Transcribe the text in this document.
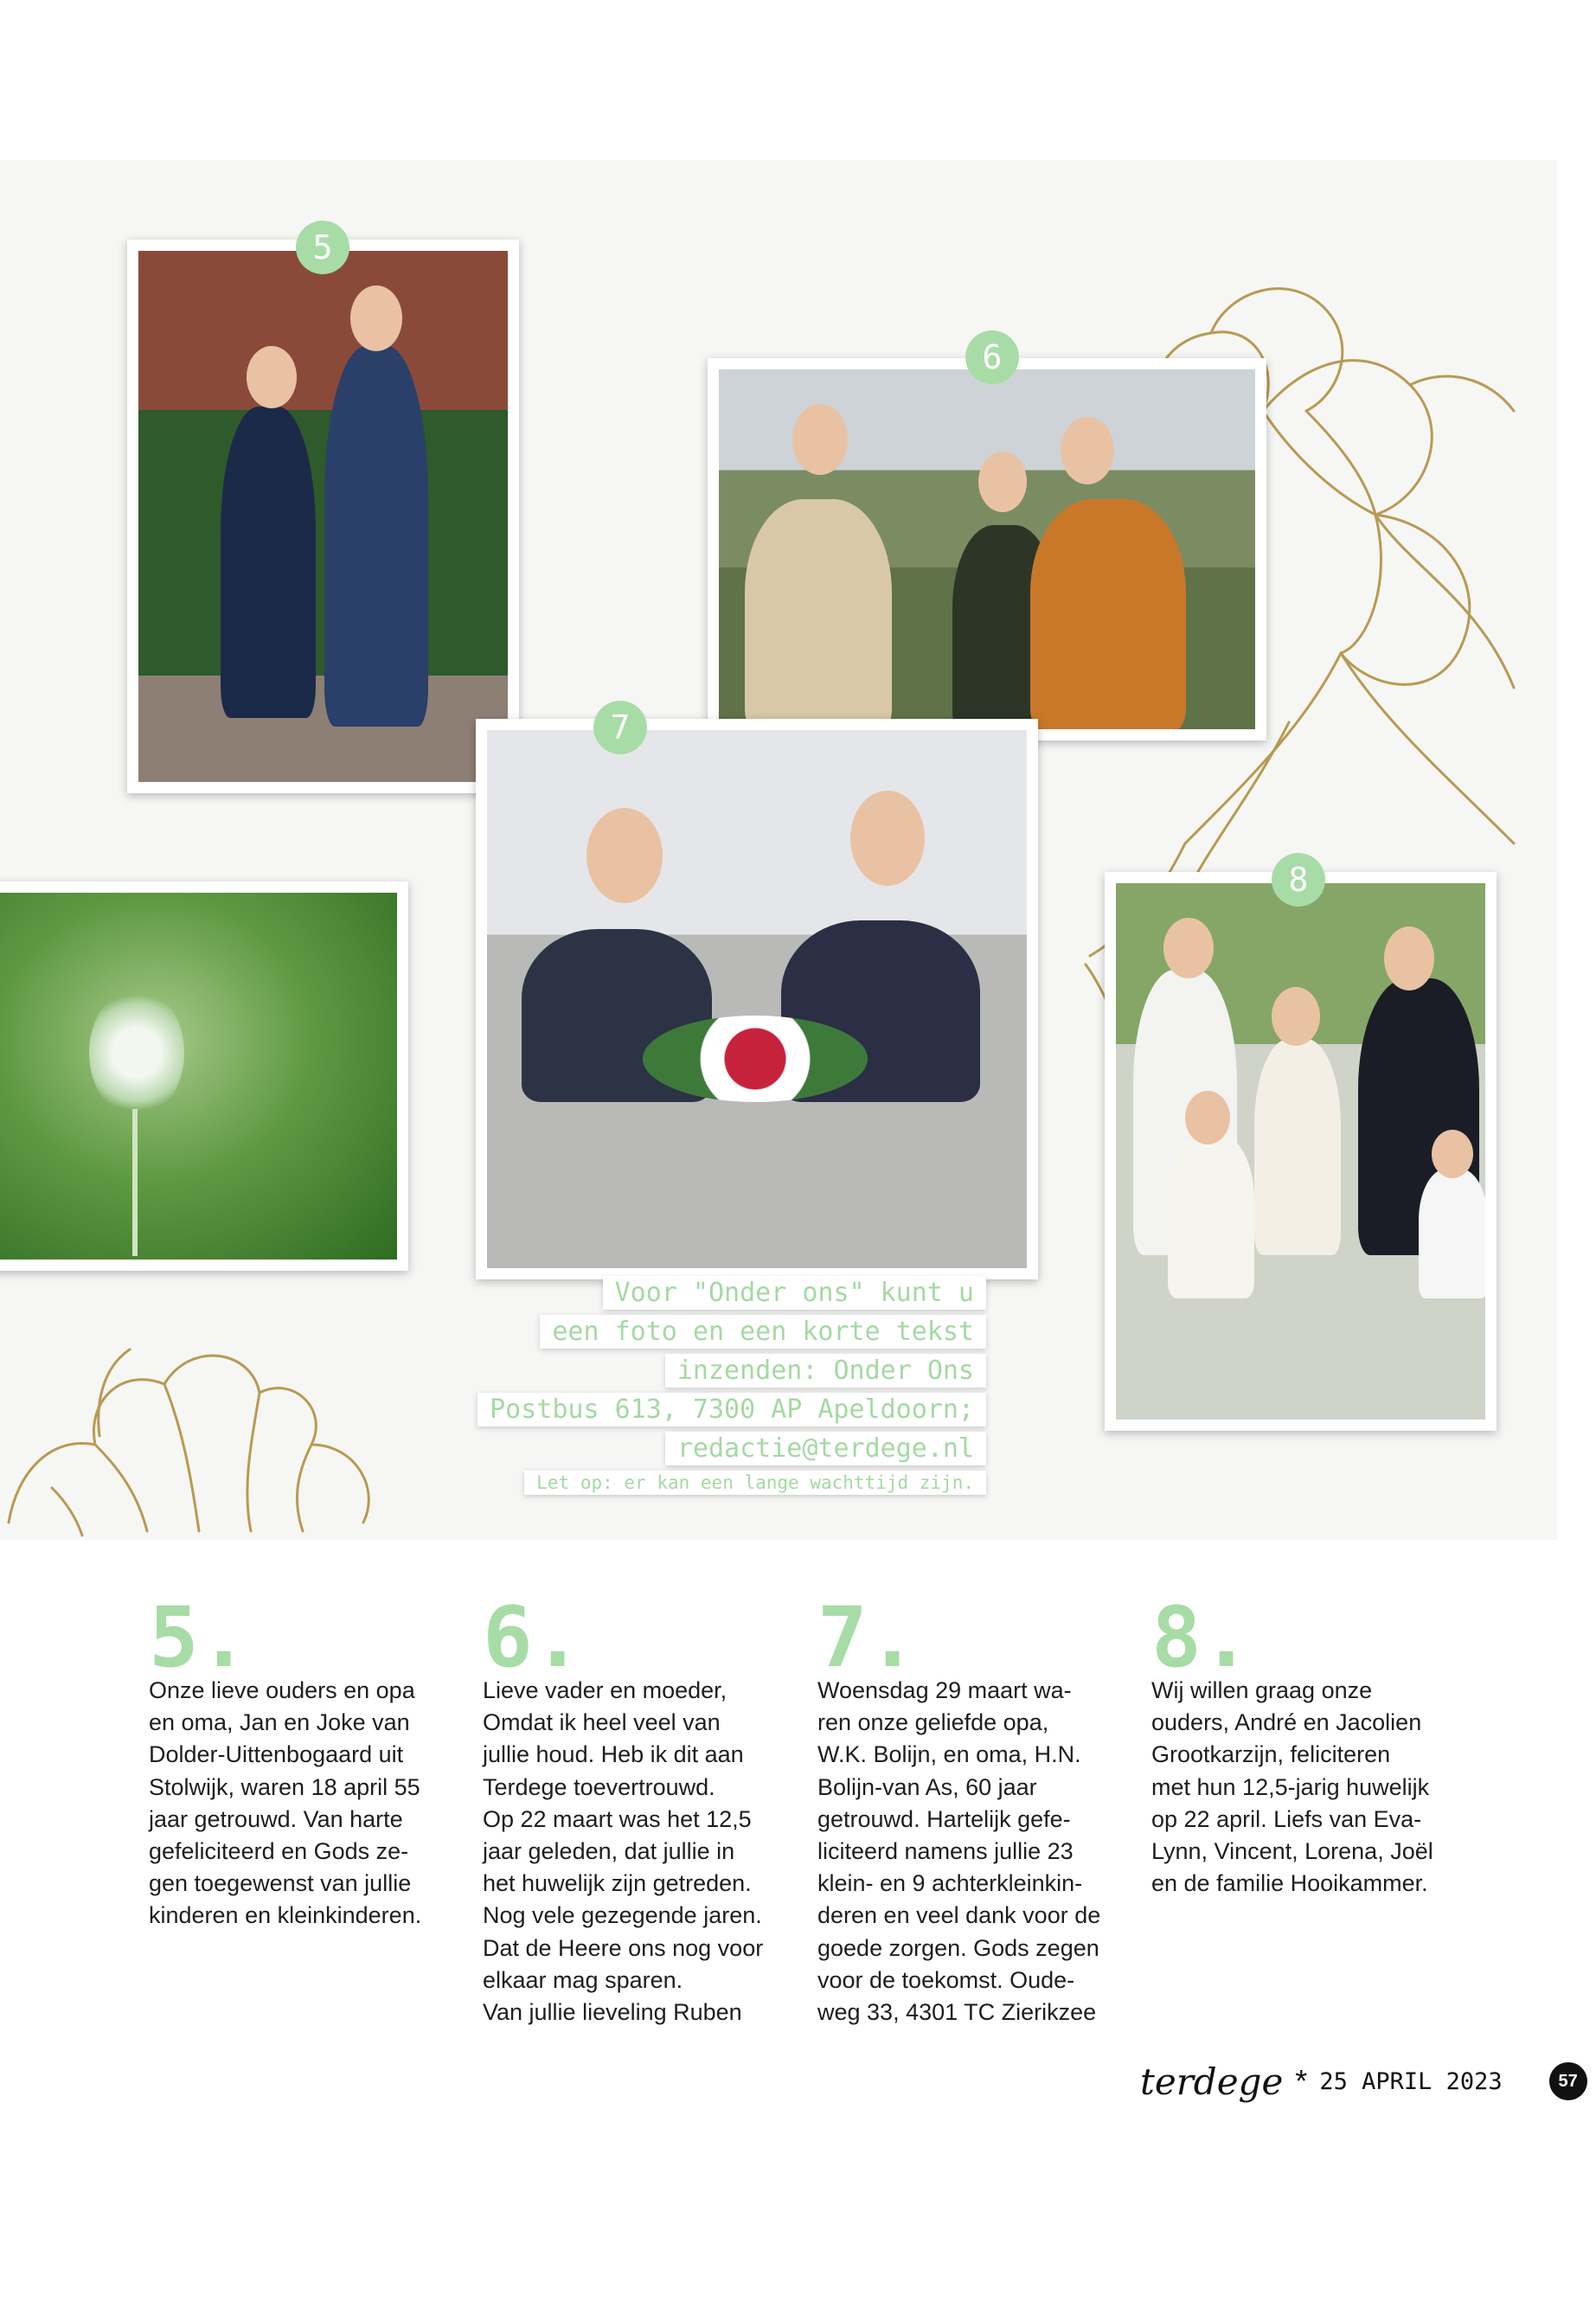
5
6
7
8
Voor "Onder ons" kunt u
een foto en een korte tekst
inzenden: Onder Ons
Postbus 613, 7300 AP Apeldoorn;
redactie@terdege.nl
Let op: er kan een lange wachttijd zijn.
5.
Onze lieve ouders en opa
en oma, Jan en Joke van
Dolder-Uittenbogaard uit
Stolwijk, waren 18 april 55
jaar getrouwd. Van harte
gefeliciteerd en Gods ze-
gen toegewenst van jullie
kinderen en kleinkinderen.
6.
Lieve vader en moeder,
Omdat ik heel veel van
jullie houd. Heb ik dit aan
Terdege toevertrouwd.
Op 22 maart was het 12,5
jaar geleden, dat jullie in
het huwelijk zijn getreden.
Nog vele gezegende jaren.
Dat de Heere ons nog voor
elkaar mag sparen.
Van jullie lieveling Ruben
7.
Woensdag 29 maart wa-
ren onze geliefde opa,
W.K. Bolijn, en oma, H.N.
Bolijn-van As, 60 jaar
getrouwd. Hartelijk gefe-
liciteerd namens jullie 23
klein- en 9 achterkleinkin-
deren en veel dank voor de
goede zorgen. Gods zegen
voor de toekomst. Oude-
weg 33, 4301 TC Zierikzee
8.
Wij willen graag onze
ouders, André en Jacolien
Grootkarzijn, feliciteren
met hun 12,5-jarig huwelijk
op 22 april. Liefs van Eva-
Lynn, Vincent, Lorena, Joël
en de familie Hooikammer.
terdege * 25 APRIL 2023	57
